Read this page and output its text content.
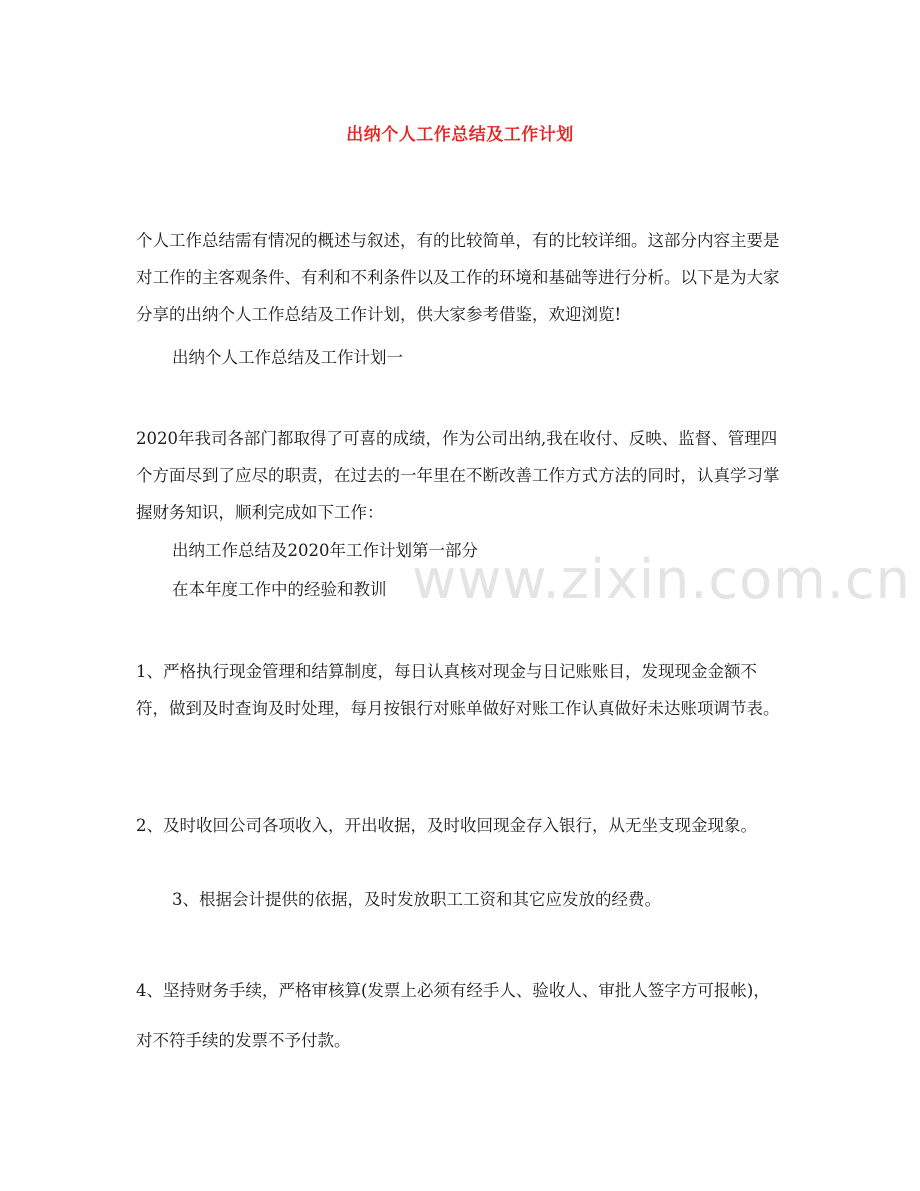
出纳个人工作总结及工作计划

个人工作总结需有情况的概述与叙述，有的比较简单，有的比较详细。这部分内容主要是对工作的主客观条件、有利和不利条件以及工作的环境和基础等进行分析。以下是为大家分享的出纳个人工作总结及工作计划，供大家参考借鉴，欢迎浏览!

出纳个人工作总结及工作计划一

2020年我司各部门都取得了可喜的成绩，作为公司出纳,我在收付、反映、监督、管理四个方面尽到了应尽的职责，在过去的一年里在不断改善工作方式方法的同时，认真学习掌握财务知识，顺利完成如下工作：

出纳工作总结及2020年工作计划第一部分

在本年度工作中的经验和教训

1、严格执行现金管理和结算制度，每日认真核对现金与日记账账目，发现现金金额不符，做到及时查询及时处理，每月按银行对账单做好对账工作认真做好未达账项调节表。

2、及时收回公司各项收入，开出收据，及时收回现金存入银行，从无坐支现金现象。

3、根据会计提供的依据，及时发放职工工资和其它应发放的经费。

4、坚持财务手续，严格审核算(发票上必须有经手人、验收人、审批人签字方可报帐)，对不符手续的发票不予付款。

www.zixin.com.cn
